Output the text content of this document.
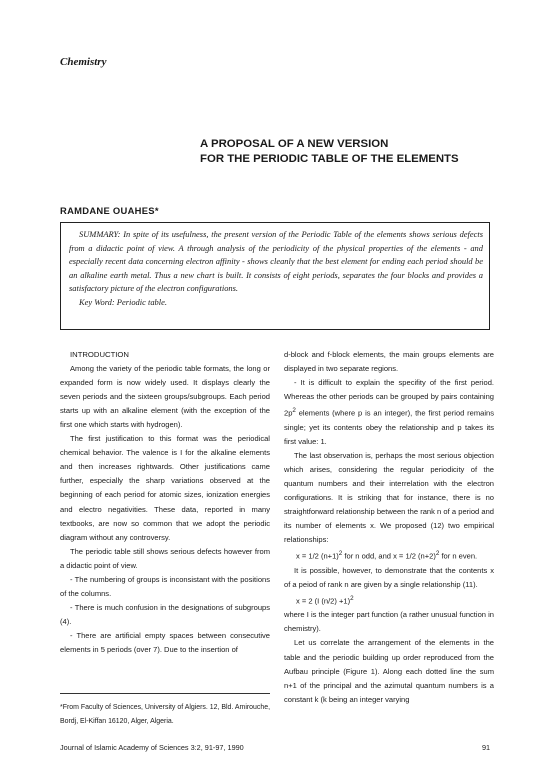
Chemistry
A PROPOSAL OF A NEW VERSION
FOR THE PERIODIC TABLE OF THE ELEMENTS
RAMDANE OUAHES*

SUMMARY: In spite of its usefulness, the present version of the Periodic Table of the elements shows serious defects from a didactic point of view. A through analysis of the periodicity of the physical properties of the elements - and especially recent data concerning electron affinity - shows cleanly that the best element for ending each period should be an alkaline earth metal. Thus a new chart is built. It consists of eight periods, separates the four blocks and provides a satisfactory picture of the electron configurations.

Key Word: Periodic table.

INTRODUCTION

Among the variety of the periodic table formats, the long or expanded form is now widely used. It displays clearly the seven periods and the sixteen groups/subgroups. Each period starts up with an alkaline element (with the exception of the first one which starts with hydrogen).

The first justification to this format was the periodical chemical behavior. The valence is I for the alkaline elements and then increases rightwards. Other justifications came further, especially the sharp variations observed at the beginning of each period for atomic sizes, ionization energies and electro negativities. These data, reported in many textbooks, are now so common that we adopt the periodic diagram without any controversy.

The periodic table still shows serious defects however from a didactic point of view.

- The numbering of groups is inconsistant with the positions of the columns.

- There is much confusion in the designations of subgroups (4).

- There are artificial empty spaces between consecutive elements in 5 periods (over 7). Due to the insertion of

*From Faculty of Sciences, University of Algiers. 12, Bld. Amirouche, Bordj, El-Kiffan 16120, Alger, Algeria.

d-block and f-block elements, the main groups elements are displayed in two separate regions.

- It is difficult to explain the specifity of the first period. Whereas the other periods can be grouped by pairs containing $2p^2$ elements (where p is an integer), the first period remains single; yet its contents obey the relationship and p takes its first value: 1.

The last observation is, perhaps the most serious objection which arises, considering the regular periodicity of the quantum numbers and their interrelation with the electron configurations. It is striking that for instance, there is no straightforward relationship between the rank n of a period and its number of elements x. We proposed (12) two empirical relationships:

x = 1/2 $(n+1)^2$ for n odd, and x = 1/2 $(n+2)^2$ for n even.

It is possible, however, to demonstrate that the contents x of a peiod of rank n are given by a single relationship (11).

x = 2 (I (n/2) +1)$^2$

where I is the integer part function (a rather unusual function in chemistry).

Let us correlate the arrangement of the elements in the table and the periodic building up order reproduced from the Aufbau principle (Figure 1). Along each dotted line the sum n+1 of the principal and the azimutal quantum numbers is a constant k (k being an integer varying

Journal of Islamic Academy of Sciences 3:2, 91-97, 1990	91
